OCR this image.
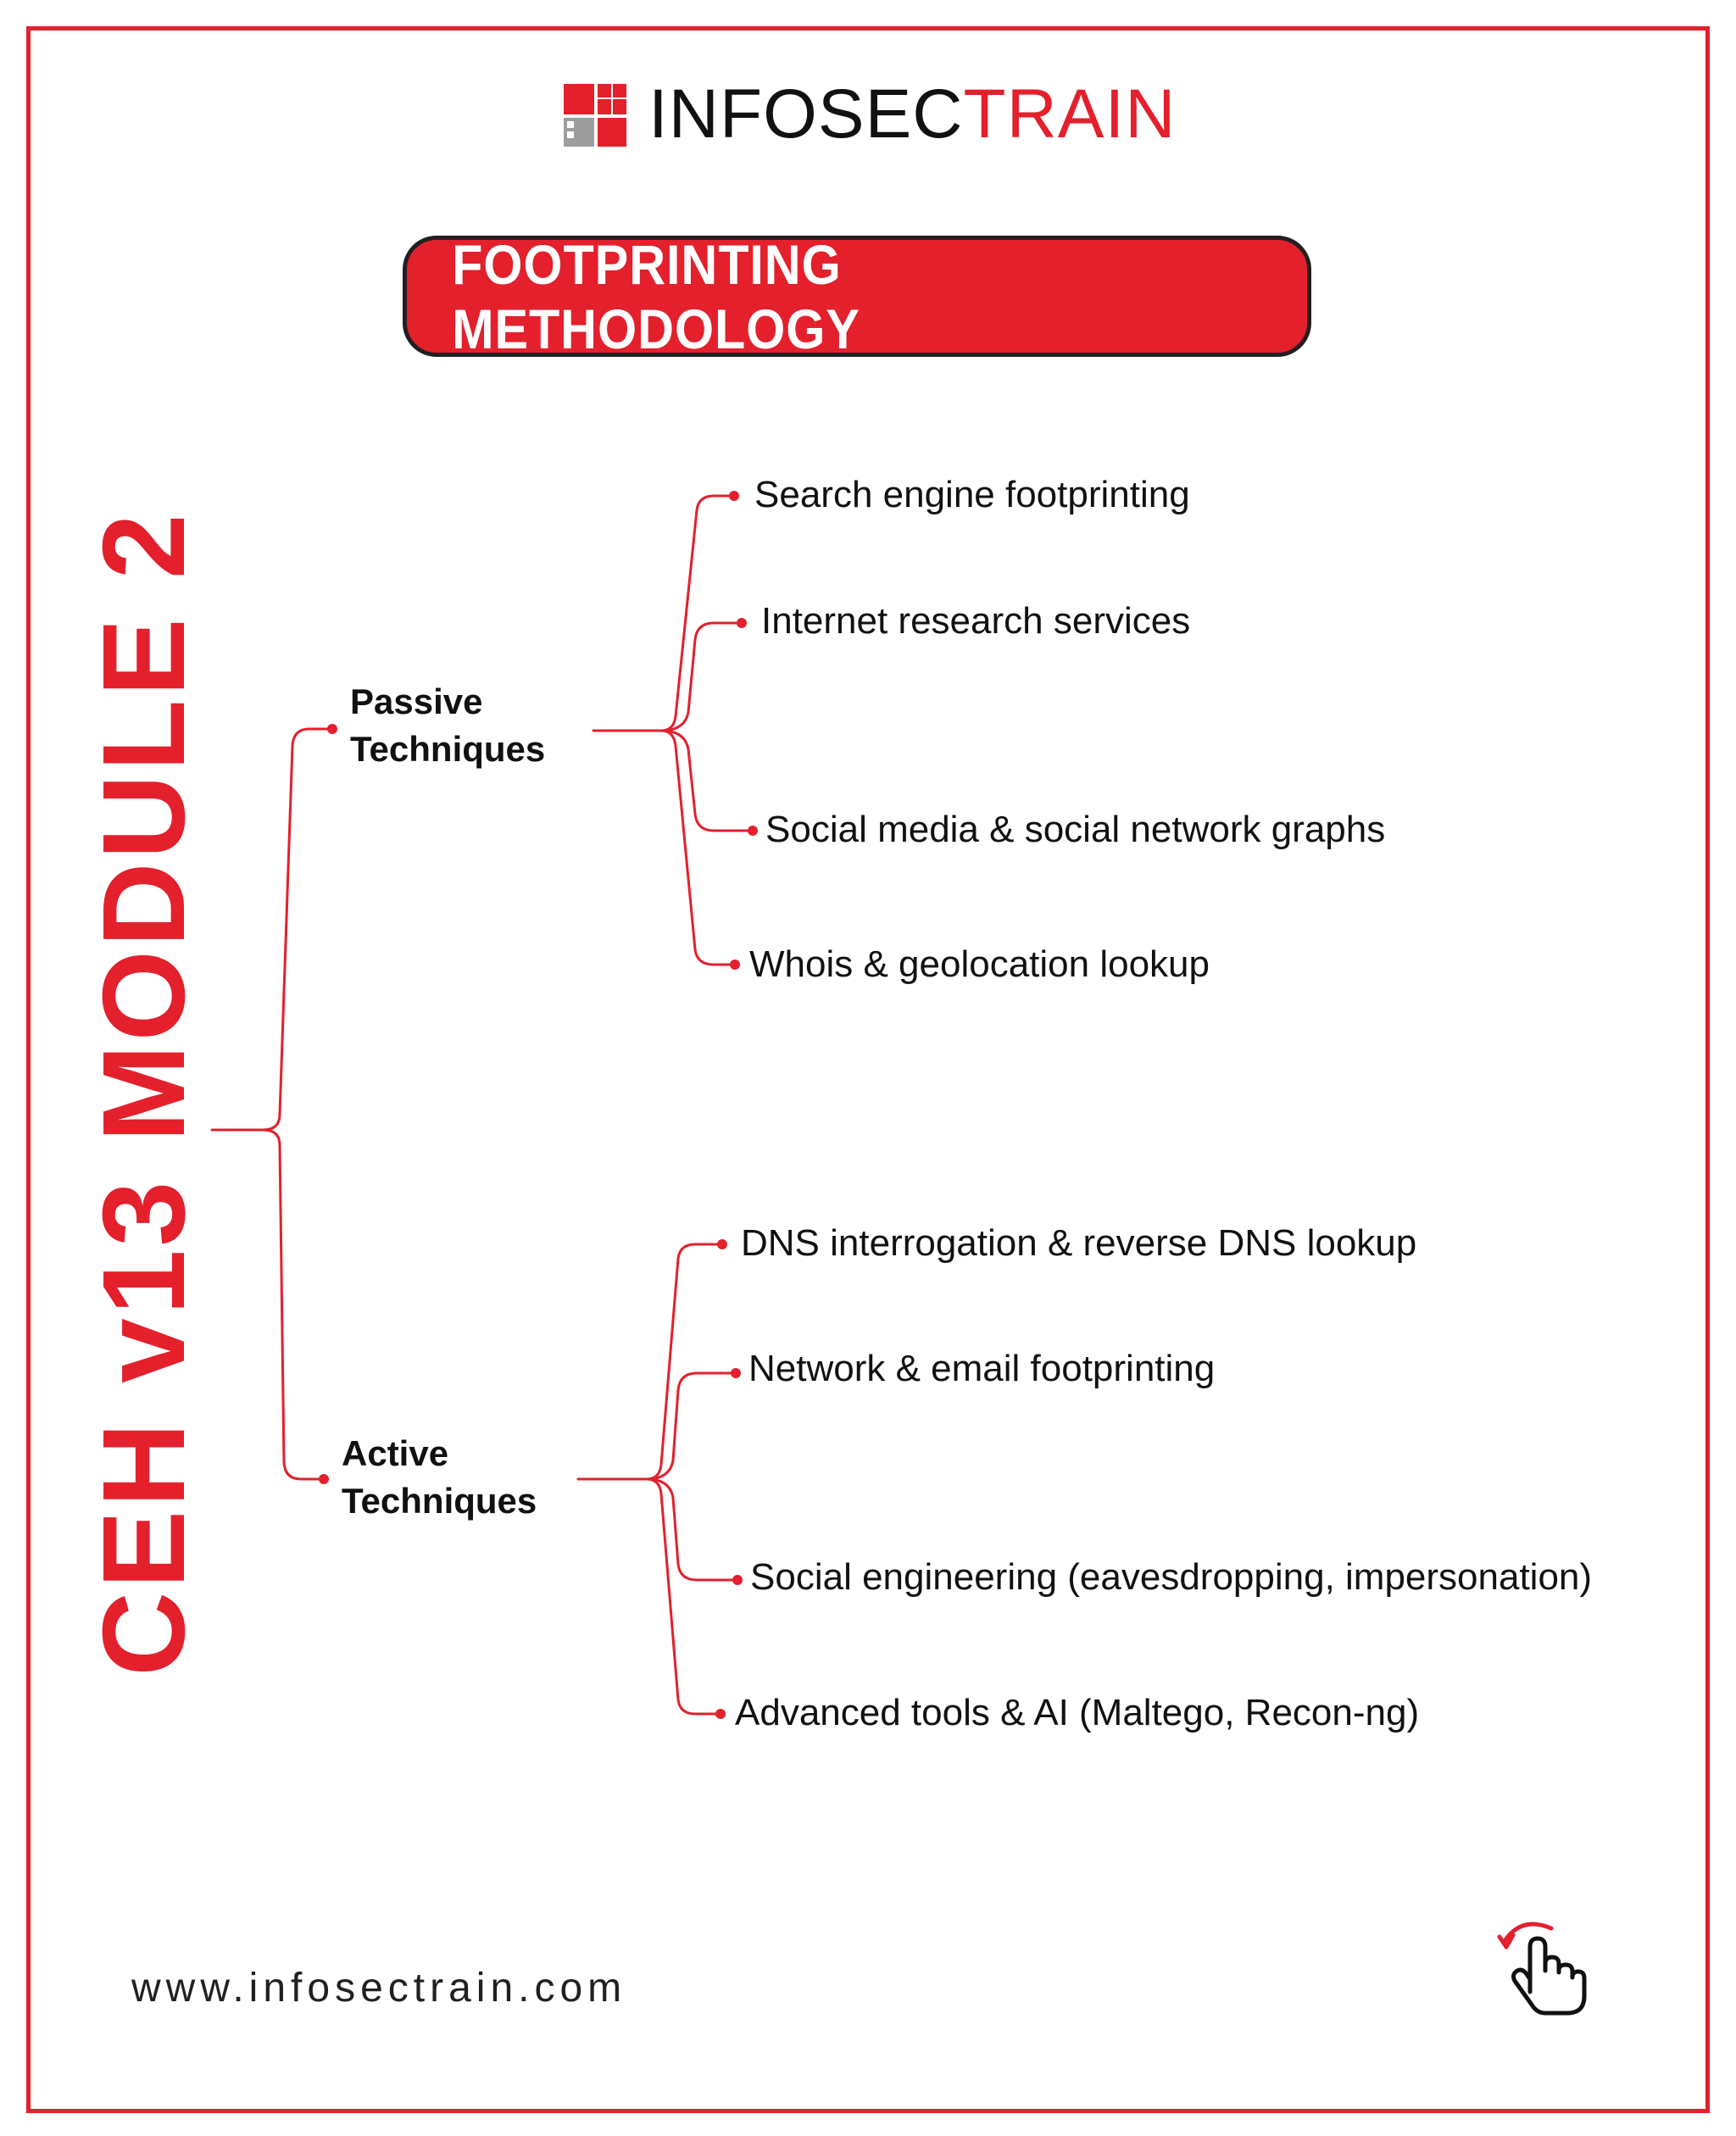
INFOSECTRAIN
FOOTPRINTING METHODOLOGY
CEH v13 MODULE 2	Passive
Techniques
Active
Techniques
Search engine footprinting
Internet research services
Social media & social network graphs
Whois & geolocation lookup
DNS interrogation & reverse DNS lookup
Network & email footprinting
Social engineering (eavesdropping, impersonation)
Advanced tools & AI (Maltego, Recon-ng)
www.infosectrain.com
